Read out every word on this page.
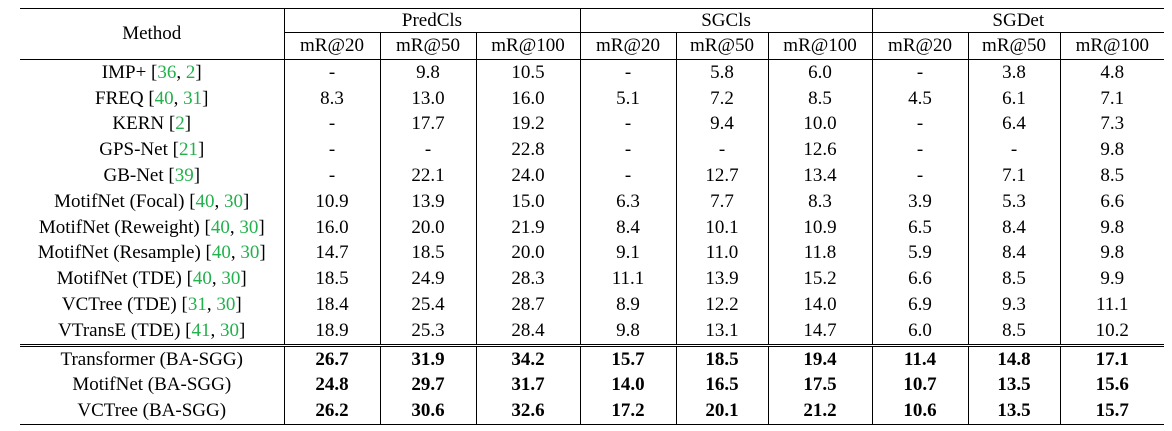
Method	PredCls			SGCls			SGDet		
	mR@20	mR@50	mR@100	mR@20	mR@50	mR@100	mR@20	mR@50	mR@100
IMP+ [36, 2]	-	9.8	10.5	-	5.8	6.0	-	3.8	4.8
FREQ [40, 31]	8.3	13.0	16.0	5.1	7.2	8.5	4.5	6.1	7.1
KERN [2]	-	17.7	19.2	-	9.4	10.0	-	6.4	7.3
GPS-Net [21]	-	-	22.8	-	-	12.6	-	-	9.8
GB-Net [39]	-	22.1	24.0	-	12.7	13.4	-	7.1	8.5
MotifNet (Focal) [40, 30]	10.9	13.9	15.0	6.3	7.7	8.3	3.9	5.3	6.6
MotifNet (Reweight) [40, 30]	16.0	20.0	21.9	8.4	10.1	10.9	6.5	8.4	9.8
MotifNet (Resample) [40, 30]	14.7	18.5	20.0	9.1	11.0	11.8	5.9	8.4	9.8
MotifNet (TDE) [40, 30]	18.5	24.9	28.3	11.1	13.9	15.2	6.6	8.5	9.9
VCTree (TDE) [31, 30]	18.4	25.4	28.7	8.9	12.2	14.0	6.9	9.3	11.1
VTransE (TDE) [41, 30]	18.9	25.3	28.4	9.8	13.1	14.7	6.0	8.5	10.2
Transformer (BA-SGG)	26.7	31.9	34.2	15.7	18.5	19.4	11.4	14.8	17.1
MotifNet (BA-SGG)	24.8	29.7	31.7	14.0	16.5	17.5	10.7	13.5	15.6
VCTree (BA-SGG)	26.2	30.6	32.6	17.2	20.1	21.2	10.6	13.5	15.7
